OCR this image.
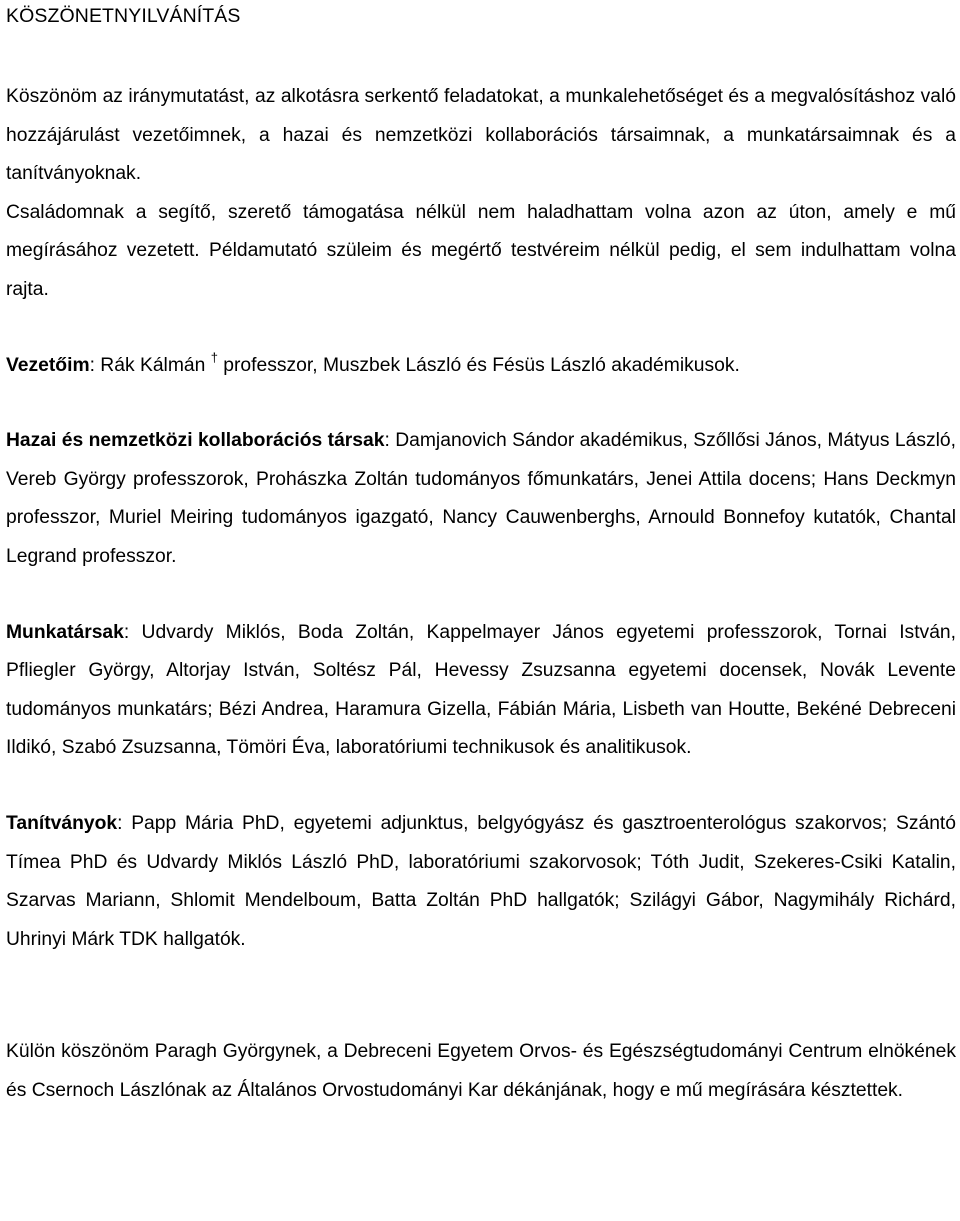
KÖSZÖNETNYILVÁNÍTÁS

Köszönöm az iránymutatást, az alkotásra serkentő feladatokat, a munkalehetőséget és a megvalósításhoz való hozzájárulást vezetőimnek, a hazai és nemzetközi kollaborációs társaimnak, a munkatársaimnak és a tanítványoknak.

Családomnak a segítő, szerető támogatása nélkül nem haladhattam volna azon az úton, amely e mű megírásához vezetett. Példamutató szüleim és megértő testvéreim nélkül pedig, el sem indulhattam volna rajta.

Vezetőim: Rák Kálmán † professzor, Muszbek László és Fésüs László akadémikusok.

Hazai és nemzetközi kollaborációs társak: Damjanovich Sándor akadémikus, Szőllősi János, Mátyus László, Vereb György professzorok, Prohászka Zoltán tudományos főmunkatárs, Jenei Attila docens; Hans Deckmyn professzor, Muriel Meiring tudományos igazgató, Nancy Cauwenberghs, Arnould Bonnefoy kutatók, Chantal Legrand professzor.

Munkatársak: Udvardy Miklós, Boda Zoltán, Kappelmayer János egyetemi professzorok, Tornai István, Pfliegler György, Altorjay István, Soltész Pál, Hevessy Zsuzsanna egyetemi docensek, Novák Levente tudományos munkatárs; Bézi Andrea, Haramura Gizella, Fábián Mária, Lisbeth van Houtte, Bekéné Debreceni Ildikó, Szabó Zsuzsanna, Tömöri Éva, laboratóriumi technikusok és analitikusok.

Tanítványok: Papp Mária PhD, egyetemi adjunktus, belgyógyász és gasztroenterológus szakorvos; Szántó Tímea PhD és Udvardy Miklós László PhD, laboratóriumi szakorvosok; Tóth Judit, Szekeres-Csiki Katalin, Szarvas Mariann, Shlomit Mendelboum, Batta Zoltán PhD hallgatók; Szilágyi Gábor, Nagymihály Richárd, Uhrinyi Márk TDK hallgatók.

Külön köszönöm Paragh Györgynek, a Debreceni Egyetem Orvos- és Egészségtudományi Centrum elnökének és Csernoch Lászlónak az Általános Orvostudományi Kar dékánjának, hogy e mű megírására késztettek.
